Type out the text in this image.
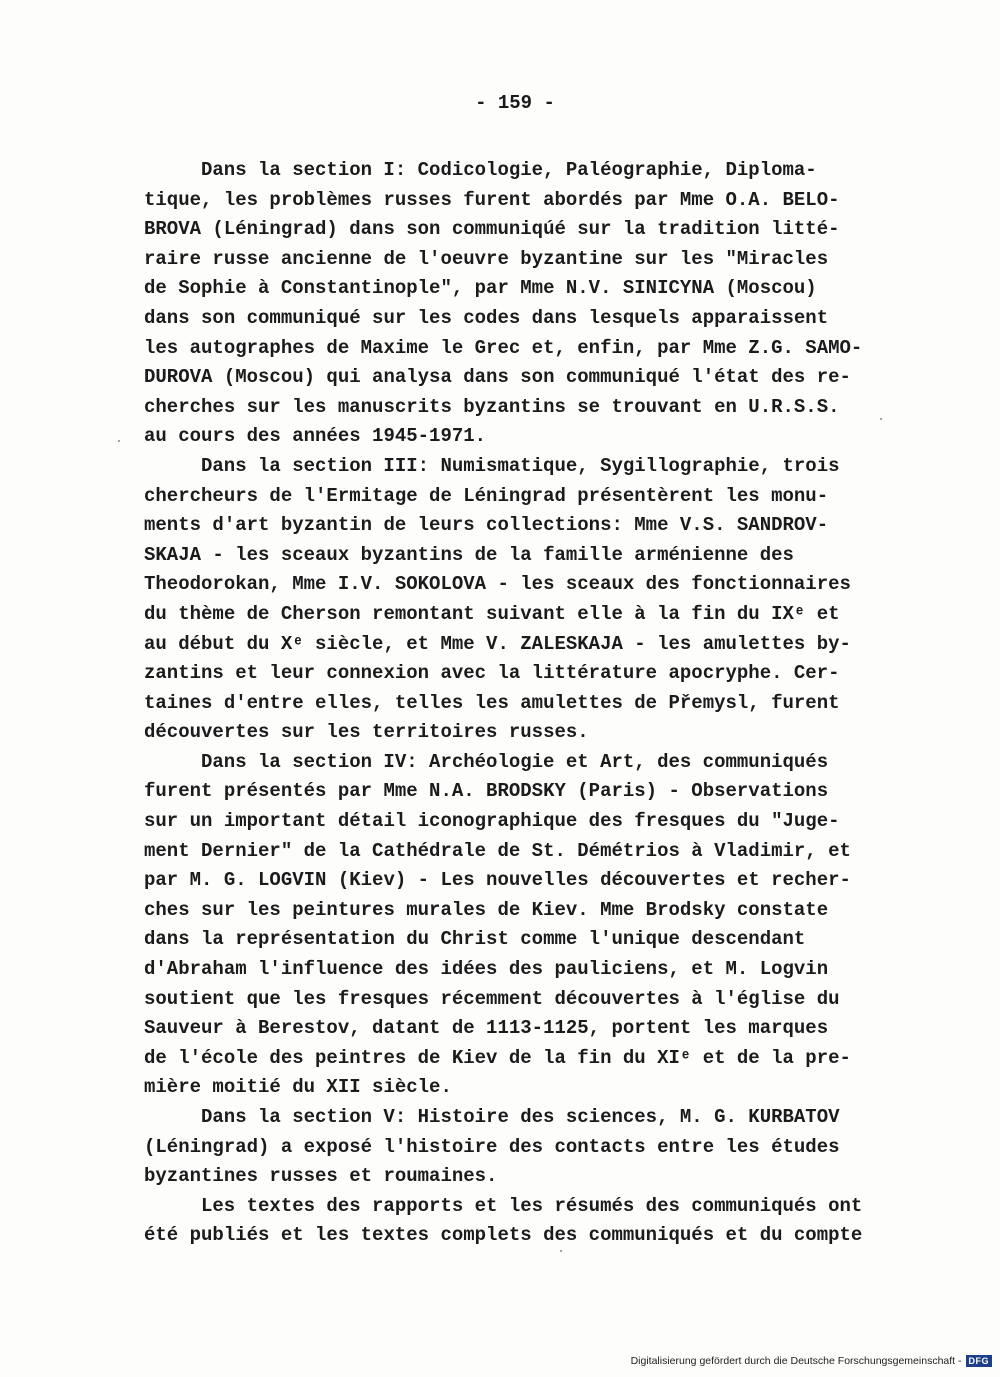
- 159 -
Dans la section I: Codicologie, Paléographie, Diploma-
tique, les problèmes russes furent abordés par Mme O.A. BELO-
BROVA (Léningrad) dans son communiqúé sur la tradition litté-
raire russe ancienne de l'oeuvre byzantine sur les "Miracles
de Sophie à Constantinople", par Mme N.V. SINICYNA (Moscou)
dans son communiqué sur les codes dans lesquels apparaissent
les autographes de Maxime le Grec et, enfin, par Mme Z.G. SAMO-
DUROVA (Moscou) qui analysa dans son communiqué l'état des re-
cherches sur les manuscrits byzantins se trouvant en U.R.S.S.
au cours des années 1945-1971.
Dans la section III: Numismatique, Sygillographie, trois
chercheurs de l'Ermitage de Léningrad présentèrent les monu-
ments d'art byzantin de leurs collections: Mme V.S. SANDROV-
SKAJA - les sceaux byzantins de la famille arménienne des
Theodorokan, Mme I.V. SOKOLOVA - les sceaux des fonctionnaires
du thème de Cherson remontant suivant elle à la fin du IXᵉ et
au début du Xᵉ siècle, et Mme V. ZALESKAJA - les amulettes by-
zantins et leur connexion avec la littérature apocryphe. Cer-
taines d'entre elles, telles les amulettes de Přemysl, furent
découvertes sur les territoires russes.
Dans la section IV: Archéologie et Art, des communiqués
furent présentés par Mme N.A. BRODSKY (Paris) - Observations
sur un important détail iconographique des fresques du "Juge-
ment Dernier" de la Cathédrale de St. Démétrios à Vladimir, et
par M. G. LOGVIN (Kiev) - Les nouvelles découvertes et recher-
ches sur les peintures murales de Kiev. Mme Brodsky constate
dans la représentation du Christ comme l'unique descendant
d'Abraham l'influence des idées des pauliciens, et M. Logvin
soutient que les fresques récemment découvertes à l'église du
Sauveur à Berestov, datant de 1113-1125, portent les marques
de l'école des peintres de Kiev de la fin du XIᵉ et de la pre-
mière moitié du XII siècle.
Dans la section V: Histoire des sciences, M. G. KURBATOV
(Léningrad) a exposé l'histoire des contacts entre les études
byzantines russes et roumaines.
Les textes des rapports et les résumés des communiqués ont
été publiés et les textes complets des communiqués et du compte
Digitalisierung gefördert durch die Deutsche Forschungsgemeinschaft - DFG
